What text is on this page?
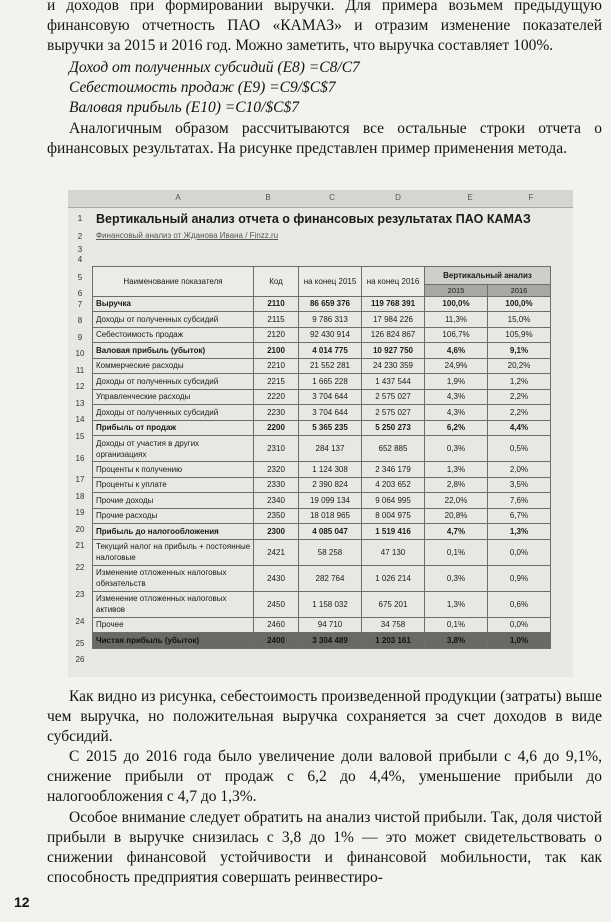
и доходов при формировании выручки. Для примера возьмем предыдущую финансовую отчетность ПАО «КАМАЗ» и отразим изменение показателей выручки за 2015 и 2016 год. Можно заметить, что выручка составляет 100%.

Доход от полученных субсидий (E8) =C8/C7

Себестоимость продаж (E9) =C9/$C$7

Валовая прибыль (E10) =C10/$C$7

Аналогичным образом рассчитываются все остальные строки отчета о финансовых результатах. На рисунке представлен пример применения метода.

A	B	C	D	E	F
1
2
3
Вертикальный анализ отчета о финансовых результатах ПАО КАМАЗ
Финансовый анализ от Жданова Ивана / Finzz.ru

Наименование показателя	Код	на конец 2015	на конец 2016	Вертикальный анализ	
				2015	2016
Выручка	2110	86 659 376	119 768 391	100,0%	100,0%
Доходы от полученных субсидий	2115	9 786 313	17 984 226	11,3%	15,0%
Себестоимость продаж	2120	92 430 914	126 824 867	106,7%	105,9%
Валовая прибыль (убыток)	2100	4 014 775	10 927 750	4,6%	9,1%
Коммерческие расходы	2210	21 552 281	24 230 359	24,9%	20,2%
Доходы от полученных субсидий	2215	1 665 228	1 437 544	1,9%	1,2%
Управленческие расходы	2220	3 704 644	2 575 027	4,3%	2,2%
Доходы от полученных субсидий	2230	3 704 644	2 575 027	4,3%	2,2%
Прибыль от продаж	2200	5 365 235	5 250 273	6,2%	4,4%
Доходы от участия в других организациях	2310	284 137	652 885	0,3%	0,5%
Проценты к получению	2320	1 124 308	2 346 179	1,3%	2,0%
Проценты к уплате	2330	2 390 824	4 203 652	2,8%	3,5%
Прочие доходы	2340	19 099 134	9 064 995	22,0%	7,6%
Прочие расходы	2350	18 018 965	8 004 975	20,8%	6,7%
Прибыль до налогообложения	2300	4 085 047	1 519 416	4,7%	1,3%
Текущий налог на прибыль + постоянные налоговые	2421	58 258	47 130	0,1%	0,0%
Изменение отложенных налоговых обязательств	2430	282 764	1 026 214	0,3%	0,9%
Изменение отложенных налоговых активов	2450	1 158 032	675 201	1,3%	0,6%
Прочее	2460	94 710	34 758	0,1%	0,0%
Чистая прибыль (убыток)	2400	3 304 489	1 203 161	3,8%	1,0%
4
5
6
7
8
9
10
11
12
13
14
15
16
17
18
19
20
21
22
23
24
25
26

Как видно из рисунка, себестоимость произведенной продукции (затраты) выше чем выручка, но положительная выручка сохраняется за счет доходов в виде субсидий.

С 2015 до 2016 года было увеличение доли валовой прибыли с 4,6 до 9,1%, снижение прибыли от продаж с 6,2 до 4,4%, уменьшение прибыли до налогообложения с 4,7 до 1,3%.

Особое внимание следует обратить на анализ чистой прибыли. Так, доля чистой прибыли в выручке снизилась с 3,8 до 1% — это может свидетельствовать о снижении финансовой устойчивости и финансовой мобильности, так как способность предприятия совершать реинвестиро-

12
